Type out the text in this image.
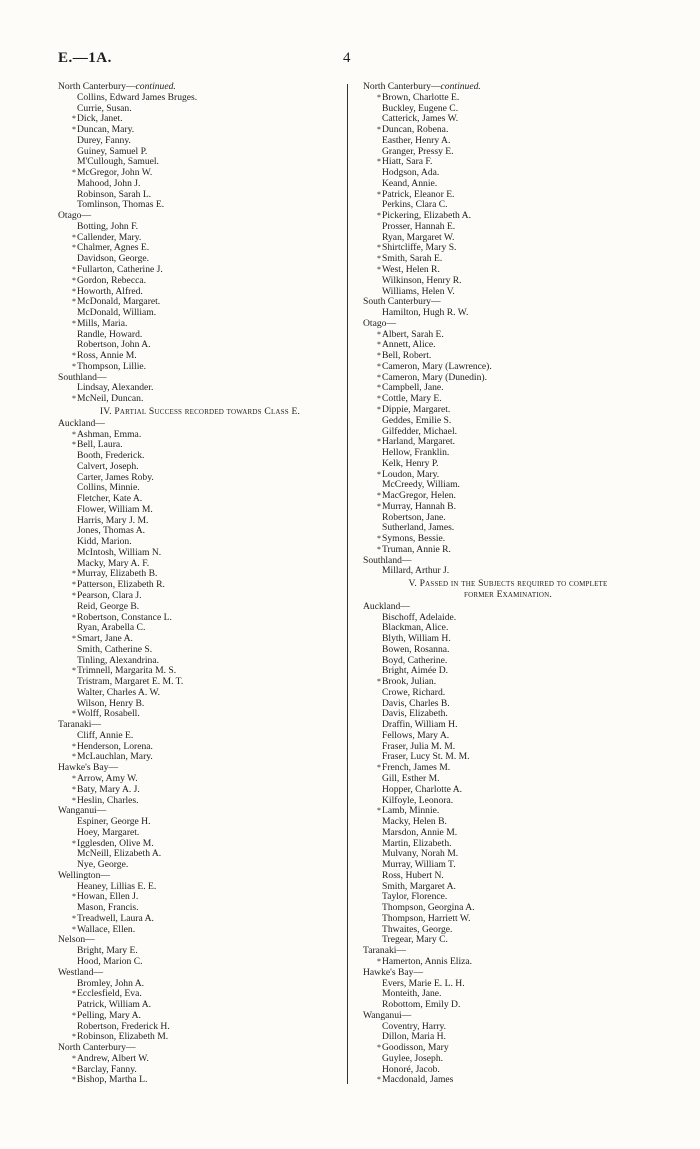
E.—1A.	4
North Canterbury—continued.
Collins, Edward James Bruges.
Currie, Susan.
*Dick, Janet.
*Duncan, Mary.
Durey, Fanny.
Guiney, Samuel P.
M'Cullough, Samuel.
*McGregor, John W.
Mahood, John J.
Robinson, Sarah L.
Tomlinson, Thomas E.
Otago—
Botting, John F.
*Callender, Mary.
*Chalmer, Agnes E.
Davidson, George.
*Fullarton, Catherine J.
*Gordon, Rebecca.
*Howorth, Alfred.
*McDonald, Margaret.
McDonald, William.
*Mills, Maria.
Randle, Howard.
Robertson, John A.
*Ross, Annie M.
*Thompson, Lillie.
Southland—
Lindsay, Alexander.
*McNeil, Duncan.
IV. Partial Success recorded towards Class E.
Auckland—
*Ashman, Emma.
*Bell, Laura.
Booth, Frederick.
Calvert, Joseph.
Carter, James Roby.
Collins, Minnie.
Fletcher, Kate A.
Flower, William M.
Harris, Mary J. M.
Jones, Thomas A.
Kidd, Marion.
McIntosh, William N.
Macky, Mary A. F.
*Murray, Elizabeth B.
*Patterson, Elizabeth R.
*Pearson, Clara J.
Reid, George B.
*Robertson, Constance L.
Ryan, Arabella C.
*Smart, Jane A.
Smith, Catherine S.
Tinling, Alexandrina.
*Trimnell, Margarita M. S.
Tristram, Margaret E. M. T.
Walter, Charles A. W.
Wilson, Henry B.
*Wolff, Rosabell.
Taranaki—
Cliff, Annie E.
*Henderson, Lorena.
*McLauchlan, Mary.
Hawke's Bay—
*Arrow, Amy W.
*Baty, Mary A. J.
*Heslin, Charles.
Wanganui—
Espiner, George H.
Hoey, Margaret.
*Igglesden, Olive M.
McNeill, Elizabeth A.
Nye, George.
Wellington—
Heaney, Lillias E. E.
*Howan, Ellen J.
Mason, Francis.
*Treadwell, Laura A.
*Wallace, Ellen.
Nelson—
Bright, Mary E.
Hood, Marion C.
Westland—
Bromley, John A.
*Ecclesfield, Eva.
Patrick, William A.
*Pelling, Mary A.
Robertson, Frederick H.
*Robinson, Elizabeth M.
North Canterbury—
*Andrew, Albert W.
*Barclay, Fanny.
*Bishop, Martha L.
North Canterbury—continued.
*Brown, Charlotte E.
Buckley, Eugene C.
Catterick, James W.
*Duncan, Robena.
Easther, Henry A.
Granger, Pressy E.
*Hiatt, Sara F.
Hodgson, Ada.
Keand, Annie.
*Patrick, Eleanor E.
Perkins, Clara C.
*Pickering, Elizabeth A.
Prosser, Hannah E.
Ryan, Margaret W.
*Shirtcliffe, Mary S.
*Smith, Sarah E.
*West, Helen R.
Wilkinson, Henry R.
Williams, Helen V.
South Canterbury—
Hamilton, Hugh R. W.
Otago—
*Albert, Sarah E.
*Annett, Alice.
*Bell, Robert.
*Cameron, Mary (Lawrence).
*Cameron, Mary (Dunedin).
*Campbell, Jane.
*Cottle, Mary E.
*Dippie, Margaret.
Geddes, Emilie S.
Gilfedder, Michael.
*Harland, Margaret.
Hellow, Franklin.
Kelk, Henry P.
*Loudon, Mary.
McCreedy, William.
*MacGregor, Helen.
*Murray, Hannah B.
Robertson, Jane.
Sutherland, James.
*Symons, Bessie.
*Truman, Annie R.
Southland—
Millard, Arthur J.
V. Passed in the Subjects required to complete
former Examination.
Auckland—
Bischoff, Adelaide.
Blackman, Alice.
Blyth, William H.
Bowen, Rosanna.
Boyd, Catherine.
Bright, Aimée D.
*Brook, Julian.
Crowe, Richard.
Davis, Charles B.
Davis, Elizabeth.
Draffin, William H.
Fellows, Mary A.
Fraser, Julia M. M.
Fraser, Lucy St. M. M.
*French, James M.
Gill, Esther M.
Hopper, Charlotte A.
Kilfoyle, Leonora.
*Lamb, Minnie.
Macky, Helen B.
Marsdon, Annie M.
Martin, Elizabeth.
Mulvany, Norah M.
Murray, William T.
Ross, Hubert N.
Smith, Margaret A.
Taylor, Florence.
Thompson, Georgina A.
Thompson, Harriett W.
Thwaites, George.
Tregear, Mary C.
Taranaki—
*Hamerton, Annis Eliza.
Hawke's Bay—
Evers, Marie E. L. H.
Monteith, Jane.
Robottom, Emily D.
Wanganui—
Coventry, Harry.
Dillon, Maria H.
*Goodisson, Mary
Guylee, Joseph.
Honoré, Jacob.
*Macdonald, James
